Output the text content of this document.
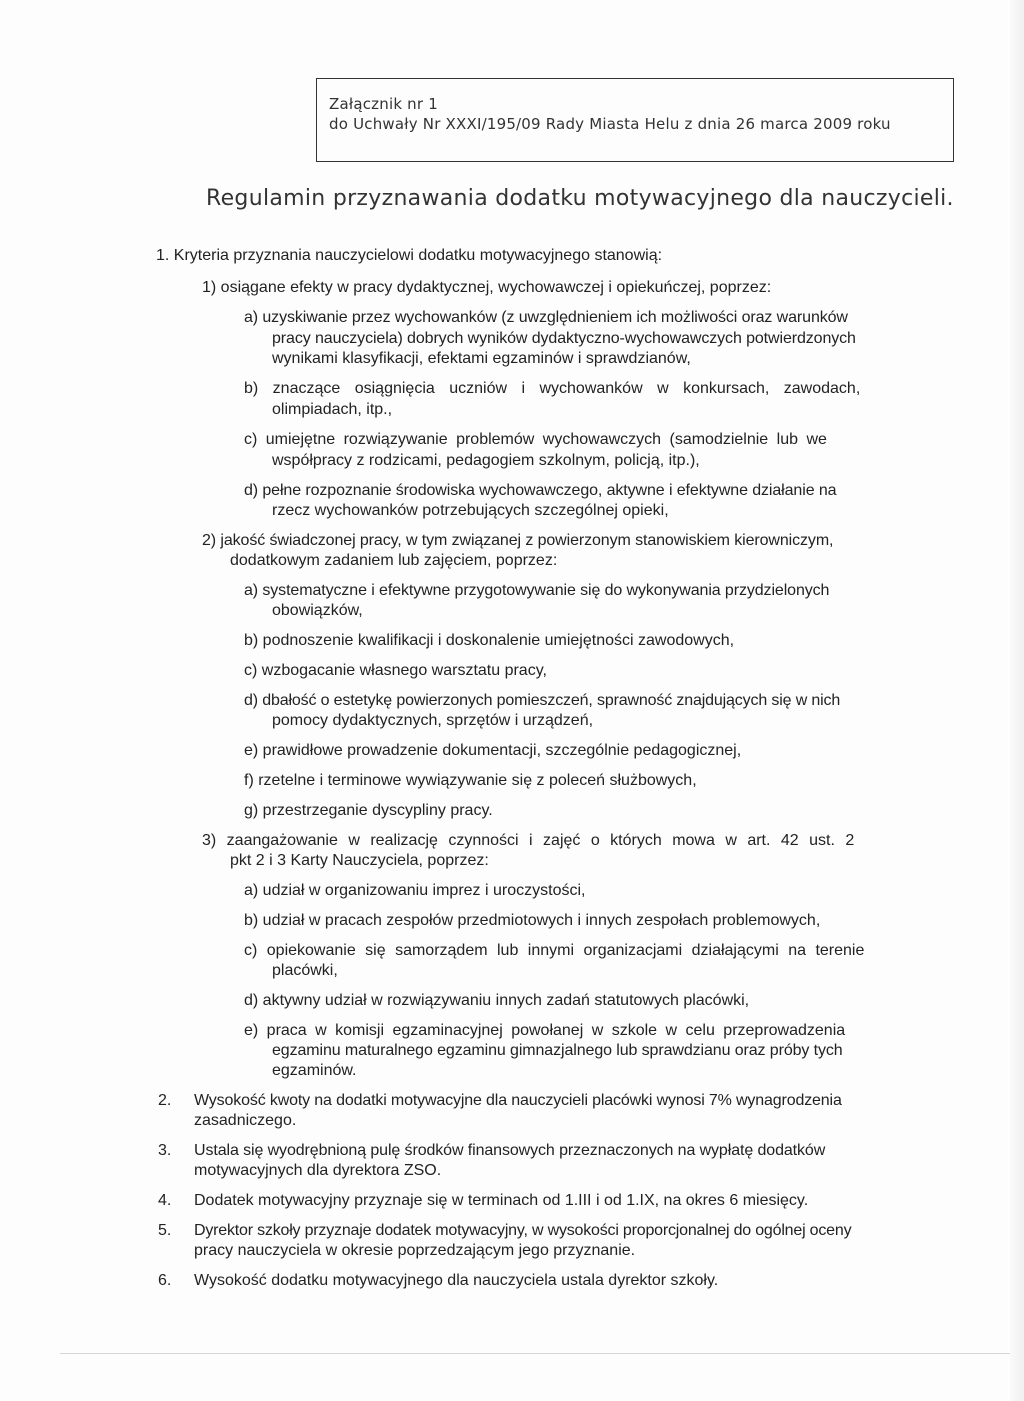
Załącznik nr 1
do Uchwały Nr XXXI/195/09 Rady Miasta Helu z dnia 26 marca 2009 roku
Regulamin przyznawania dodatku motywacyjnego dla nauczycieli.
1. Kryteria przyznania nauczycielowi dodatku motywacyjnego stanowią:
1) osiągane efekty w pracy dydaktycznej, wychowawczej i opiekuńczej, poprzez:
a) uzyskiwanie przez wychowanków (z uwzględnieniem ich możliwości oraz warunków
pracy nauczyciela) dobrych wyników dydaktyczno-wychowawczych potwierdzonych
wynikami klasyfikacji, efektami egzaminów i sprawdzianów,
b) znaczące osiągnięcia uczniów i wychowanków w konkursach, zawodach,
olimpiadach, itp.,
c) umiejętne rozwiązywanie problemów wychowawczych (samodzielnie lub we
współpracy z rodzicami, pedagogiem szkolnym, policją, itp.),
d) pełne rozpoznanie środowiska wychowawczego, aktywne i efektywne działanie na
rzecz wychowanków potrzebujących szczególnej opieki,
2) jakość świadczonej pracy, w tym związanej z powierzonym stanowiskiem kierowniczym,
dodatkowym zadaniem lub zajęciem, poprzez:
a) systematyczne i efektywne przygotowywanie się do wykonywania przydzielonych
obowiązków,
b) podnoszenie kwalifikacji i doskonalenie umiejętności zawodowych,
c) wzbogacanie własnego warsztatu pracy,
d) dbałość o estetykę powierzonych pomieszczeń, sprawność znajdujących się w nich
pomocy dydaktycznych, sprzętów i urządzeń,
e) prawidłowe prowadzenie dokumentacji, szczególnie pedagogicznej,
f) rzetelne i terminowe wywiązywanie się z poleceń służbowych,
g) przestrzeganie dyscypliny pracy.
3) zaangażowanie w realizację czynności i zajęć o których mowa w art. 42 ust. 2
pkt 2 i 3 Karty Nauczyciela, poprzez:
a) udział w organizowaniu imprez i uroczystości,
b) udział w pracach zespołów przedmiotowych i innych zespołach problemowych,
c) opiekowanie się samorządem lub innymi organizacjami działającymi na terenie
placówki,
d) aktywny udział w rozwiązywaniu innych zadań statutowych placówki,
e) praca w komisji egzaminacyjnej powołanej w szkole w celu przeprowadzenia
egzaminu maturalnego egzaminu gimnazjalnego lub sprawdzianu oraz próby tych
egzaminów.
2. Wysokość kwoty na dodatki motywacyjne dla nauczycieli placówki wynosi 7% wynagrodzenia
zasadniczego.
3. Ustala się wyodrębnioną pulę środków finansowych przeznaczonych na wypłatę dodatków
motywacyjnych dla dyrektora ZSO.
4. Dodatek motywacyjny przyznaje się w terminach od 1.III i od 1.IX, na okres 6 miesięcy.
5. Dyrektor szkoły przyznaje dodatek motywacyjny, w wysokości proporcjonalnej do ogólnej oceny
pracy nauczyciela w okresie poprzedzającym jego przyznanie.
6. Wysokość dodatku motywacyjnego dla nauczyciela ustala dyrektor szkoły.
